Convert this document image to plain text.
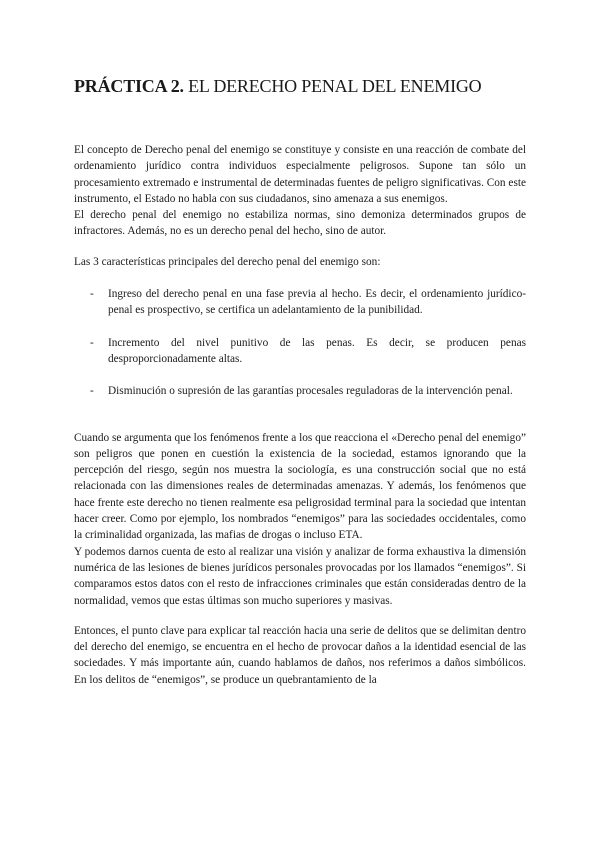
PRÁCTICA 2. EL DERECHO PENAL DEL ENEMIGO

El concepto de Derecho penal del enemigo se constituye y consiste en una reacción de combate del ordenamiento jurídico contra individuos especialmente peligrosos. Supone tan sólo un procesamiento extremado e instrumental de determinadas fuentes de peligro significativas. Con este instrumento, el Estado no habla con sus ciudadanos, sino amenaza a sus enemigos.

El derecho penal del enemigo no estabiliza normas, sino demoniza determinados grupos de infractores. Además, no es un derecho penal del hecho, sino de autor.

Las 3 características principales del derecho penal del enemigo son:

- Ingreso del derecho penal en una fase previa al hecho. Es decir, el ordenamiento jurídico-penal es prospectivo, se certifica un adelantamiento de la punibilidad.
- Incremento del nivel punitivo de las penas. Es decir, se producen penas desproporcionadamente altas.
- Disminución o supresión de las garantías procesales reguladoras de la intervención penal.

Cuando se argumenta que los fenómenos frente a los que reacciona el «Derecho penal del enemigo” son peligros que ponen en cuestión la existencia de la sociedad, estamos ignorando que la percepción del riesgo, según nos muestra la sociología, es una construcción social que no está relacionada con las dimensiones reales de determinadas amenazas. Y además, los fenómenos que hace frente este derecho no tienen realmente esa peligrosidad terminal para la sociedad que intentan hacer creer. Como por ejemplo, los nombrados “enemigos” para las sociedades occidentales, como la criminalidad organizada, las mafias de drogas o incluso ETA.

Y podemos darnos cuenta de esto al realizar una visión y analizar de forma exhaustiva la dimensión numérica de las lesiones de bienes jurídicos personales provocadas por los llamados “enemigos”. Si comparamos estos datos con el resto de infracciones criminales que están consideradas dentro de la normalidad, vemos que estas últimas son mucho superiores y masivas.

Entonces, el punto clave para explicar tal reacción hacia una serie de delitos que se delimitan dentro del derecho del enemigo, se encuentra en el hecho de provocar daños a la identidad esencial de las sociedades. Y más importante aún, cuando hablamos de daños, nos referimos a daños simbólicos. En los delitos de “enemigos”, se produce un quebrantamiento de la
